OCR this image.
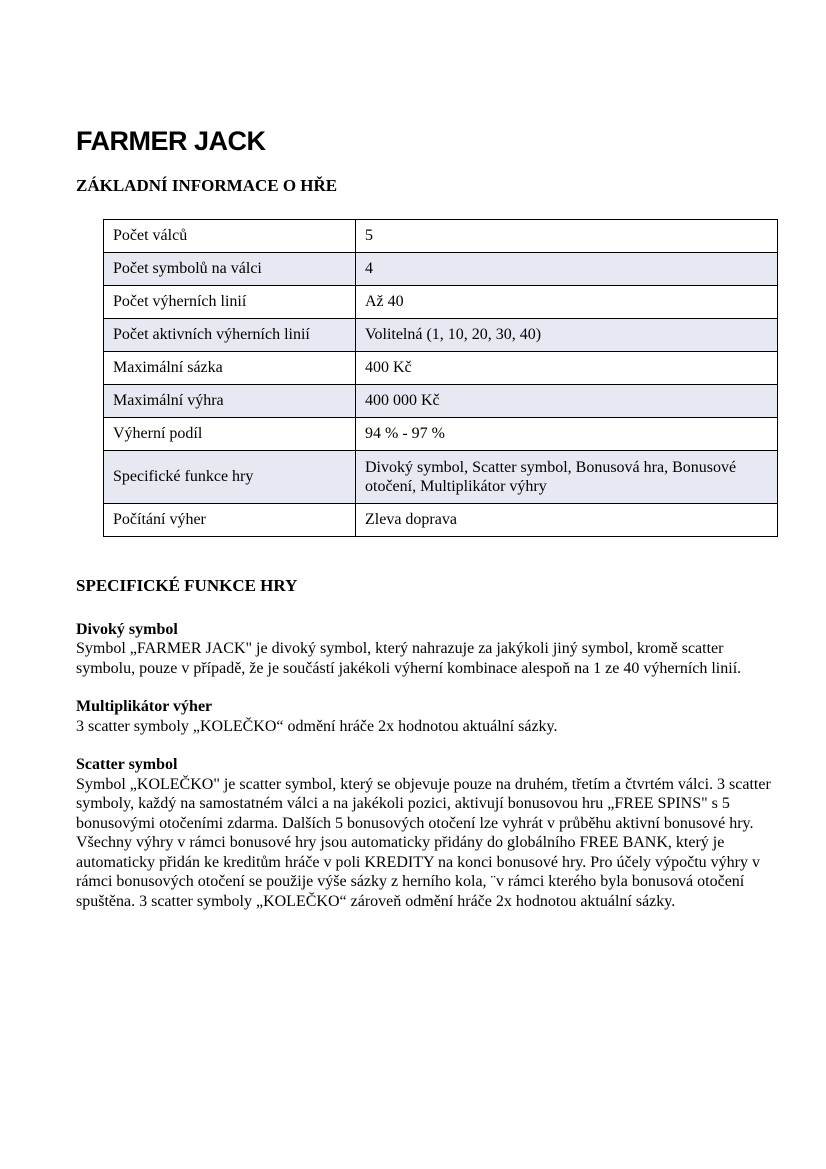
FARMER JACK
ZÁKLADNÍ INFORMACE O HŘE
Počet válců	5
Počet symbolů na válci	4
Počet výherních linií	Až 40
Počet aktivních výherních linií	Volitelná (1, 10, 20, 30, 40)
Maximální sázka	400 Kč
Maximální výhra	400 000 Kč
Výherní podíl	94 % - 97 %
Specifické funkce hry	Divoký symbol, Scatter symbol, Bonusová hra, Bonusové otočení, Multiplikátor výhry
Počítání výher	Zleva doprava
SPECIFICKÉ FUNKCE HRY

Divoký symbol

Symbol „FARMER JACK" je divoký symbol, který nahrazuje za jakýkoli jiný symbol, kromě scatter symbolu, pouze v případě, že je součástí jakékoli výherní kombinace alespoň na 1 ze 40 výherních linií.

Multiplikátor výher

3 scatter symboly „KOLEČKO“ odmění hráče 2x hodnotou aktuální sázky.

Scatter symbol

Symbol „KOLEČKO" je scatter symbol, který se objevuje pouze na druhém, třetím a čtvrtém válci. 3 scatter symboly, každý na samostatném válci a na jakékoli pozici, aktivují bonusovou hru „FREE SPINS" s 5 bonusovými otočeními zdarma. Dalších 5 bonusových otočení lze vyhrát v průběhu aktivní bonusové hry. Všechny výhry v rámci bonusové hry jsou automaticky přidány do globálního FREE BANK, který je automaticky přidán ke kreditům hráče v poli KREDITY na konci bonusové hry. Pro účely výpočtu výhry v rámci bonusových otočení se použije výše sázky z herního kola, ¨v rámci kterého byla bonusová otočení spuštěna. 3 scatter symboly „KOLEČKO“ zároveň odmění hráče 2x hodnotou aktuální sázky.
